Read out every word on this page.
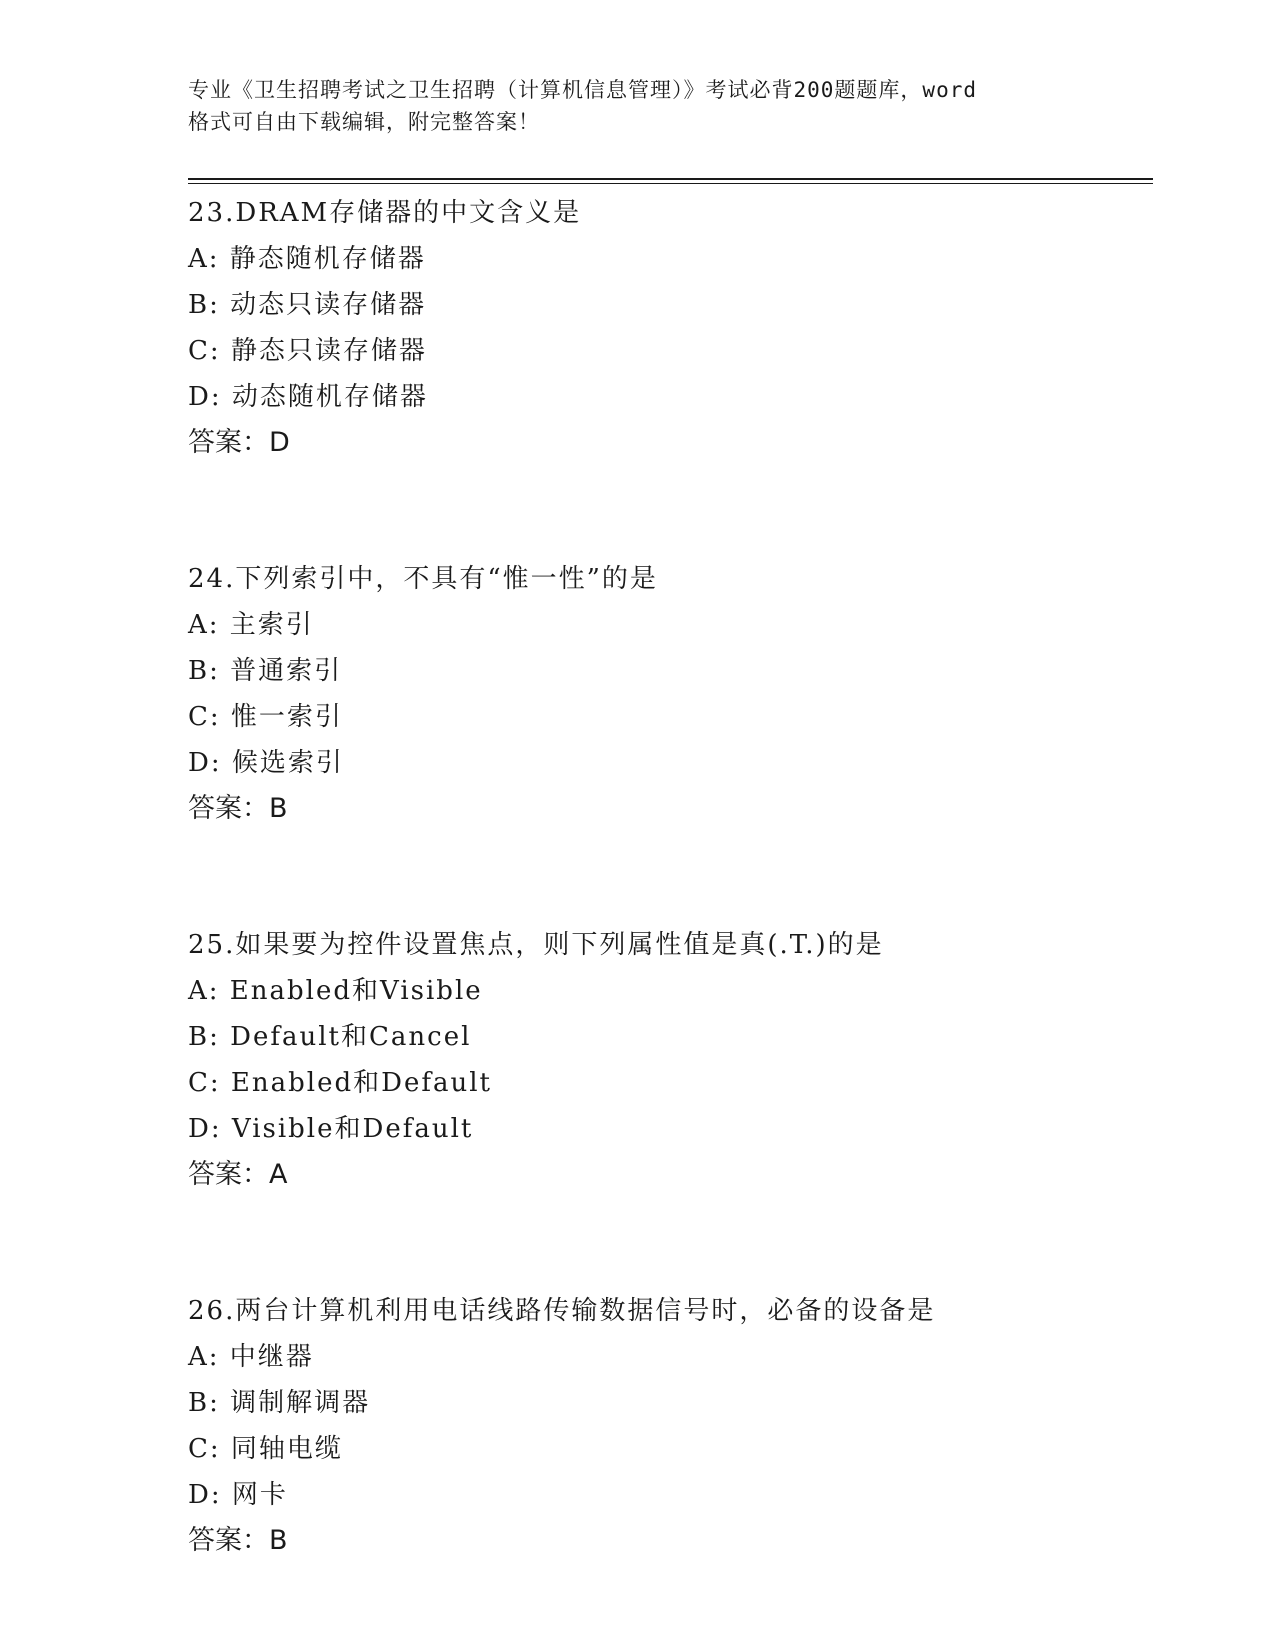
专业《卫生招聘考试之卫生招聘（计算机信息管理）》考试必背200题题库，word

格式可自由下载编辑，附完整答案！

23.DRAM存储器的中文含义是
A: 静态随机存储器
B: 动态只读存储器
C: 静态只读存储器
D: 动态随机存储器
答案：D
24.下列索引中，不具有“惟一性”的是
A: 主索引
B: 普通索引
C: 惟一索引
D: 候选索引
答案：B
25.如果要为控件设置焦点，则下列属性值是真(.T.)的是
A: Enabled和Visible
B: Default和Cancel
C: Enabled和Default
D: Visible和Default
答案：A
26.两台计算机利用电话线路传输数据信号时，必备的设备是
A: 中继器
B: 调制解调器
C: 同轴电缆
D: 网卡
答案：B
